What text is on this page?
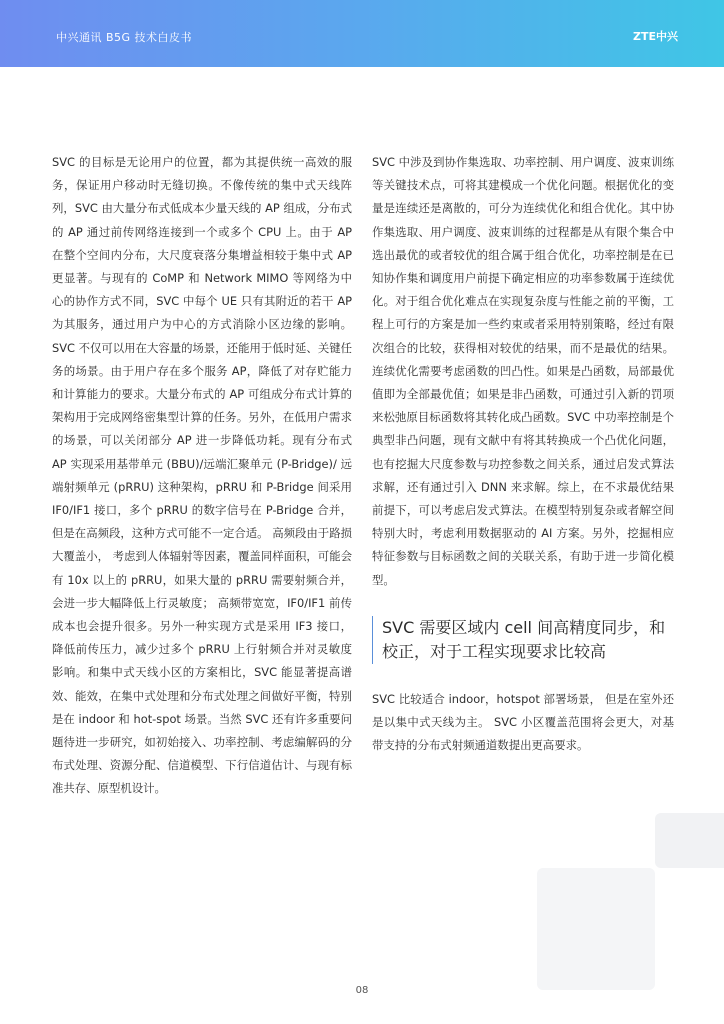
中兴通讯 B5G 技术白皮书	ZTE中兴

SVC 的目标是无论用户的位置，都为其提供统一高效的服务，保证用户移动时无缝切换。不像传统的集中式天线阵列，SVC 由大量分布式低成本少量天线的 AP 组成，分布式的 AP 通过前传网络连接到一个或多个 CPU 上。由于 AP 在整个空间内分布，大尺度衰落分集增益相较于集中式 AP 更显著。与现有的 CoMP 和 Network MIMO 等网络为中心的协作方式不同，SVC 中每个 UE 只有其附近的若干 AP 为其服务，通过用户为中心的方式消除小区边缘的影响。SVC 不仅可以用在大容量的场景，还能用于低时延、关键任务的场景。由于用户存在多个服务 AP，降低了对存贮能力和计算能力的要求。大量分布式的 AP 可组成分布式计算的架构用于完成网络密集型计算的任务。另外，在低用户需求的场景，可以关闭部分 AP 进一步降低功耗。现有分布式 AP 实现采用基带单元 (BBU)/远端汇聚单元 (P-Bridge)/ 远端射频单元 (pRRU) 这种架构，pRRU 和 P-Bridge 间采用 IF0/IF1 接口，多个 pRRU 的数字信号在 P-Bridge 合并，但是在高频段，这种方式可能不一定合适。 高频段由于路损大覆盖小， 考虑到人体辐射等因素，覆盖同样面积，可能会有 10x 以上的 pRRU，如果大量的 pRRU 需要射频合并，会进一步大幅降低上行灵敏度； 高频带宽宽，IF0/IF1 前传成本也会提升很多。另外一种实现方式是采用 IF3 接口， 降低前传压力，减少过多个 pRRU 上行射频合并对灵敏度影响。和集中式天线小区的方案相比，SVC 能显著提高谱效、能效，在集中式处理和分布式处理之间做好平衡，特别是在 indoor 和 hot-spot 场景。当然 SVC 还有许多重要问题待进一步研究，如初始接入、功率控制、考虑编解码的分布式处理、资源分配、信道模型、下行信道估计、与现有标准共存、原型机设计。

SVC 中涉及到协作集选取、功率控制、用户调度、波束训练等关键技术点，可将其建模成一个优化问题。根据优化的变量是连续还是离散的，可分为连续优化和组合优化。其中协作集选取、用户调度、波束训练的过程都是从有限个集合中选出最优的或者较优的组合属于组合优化，功率控制是在已知协作集和调度用户前提下确定相应的功率参数属于连续优化。对于组合优化难点在实现复杂度与性能之前的平衡，工程上可行的方案是加一些约束或者采用特别策略，经过有限次组合的比较，获得相对较优的结果，而不是最优的结果。连续优化需要考虑函数的凹凸性。如果是凸函数，局部最优值即为全部最优值；如果是非凸函数，可通过引入新的罚项来松弛原目标函数将其转化成凸函数。SVC 中功率控制是个典型非凸问题，现有文献中有将其转换成一个凸优化问题，也有挖掘大尺度参数与功控参数之间关系，通过启发式算法求解，还有通过引入 DNN 来求解。综上，在不求最优结果前提下，可以考虑启发式算法。在模型特别复杂或者解空间特别大时，考虑利用数据驱动的 AI 方案。另外，挖掘相应特征参数与目标函数之间的关联关系，有助于进一步简化模型。

SVC 需要区域内 cell 间高精度同步，和校正，对于工程实现要求比较高

SVC 比较适合 indoor，hotspot 部署场景， 但是在室外还是以集中式天线为主。 SVC 小区覆盖范围将会更大，对基带支持的分布式射频通道数提出更高要求。

08
